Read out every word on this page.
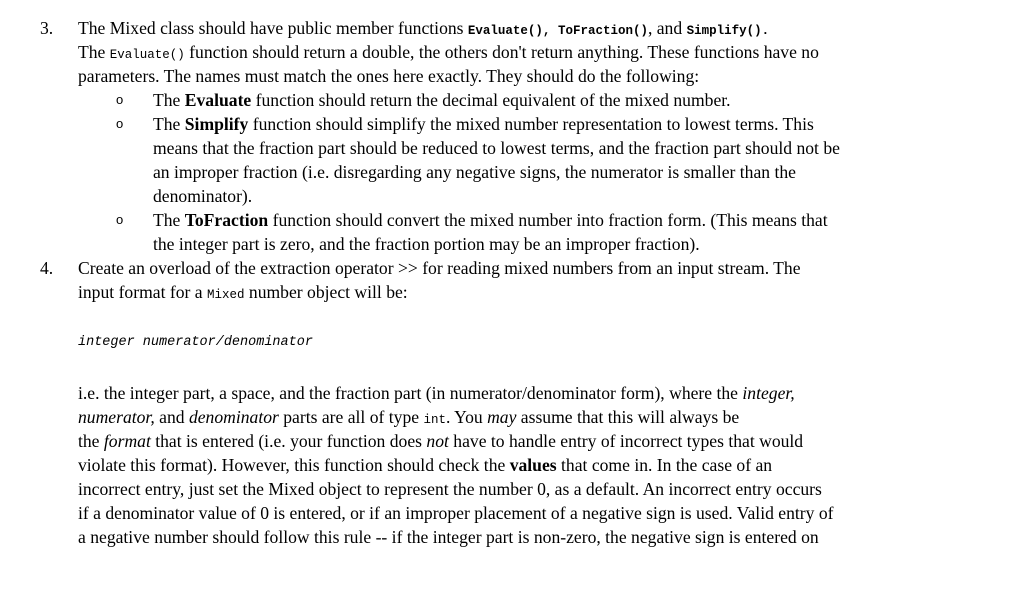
3. The Mixed class should have public member functions Evaluate(), ToFraction(), and Simplify().
The Evaluate() function should return a double, the others don't return anything. These functions have no
parameters. The names must match the ones here exactly. They should do the following:
o The Evaluate function should return the decimal equivalent of the mixed number.
o The Simplify function should simplify the mixed number representation to lowest terms. This
means that the fraction part should be reduced to lowest terms, and the fraction part should not be
an improper fraction (i.e. disregarding any negative signs, the numerator is smaller than the
denominator).
o The ToFraction function should convert the mixed number into fraction form. (This means that
the integer part is zero, and the fraction portion may be an improper fraction).
4. Create an overload of the extraction operator >> for reading mixed numbers from an input stream. The
input format for a Mixed number object will be:
integer numerator/denominator
i.e. the integer part, a space, and the fraction part (in numerator/denominator form), where the integer,
numerator, and denominator parts are all of type int. You may assume that this will always be
the format that is entered (i.e. your function does not have to handle entry of incorrect types that would
violate this format). However, this function should check the values that come in. In the case of an
incorrect entry, just set the Mixed object to represent the number 0, as a default. An incorrect entry occurs
if a denominator value of 0 is entered, or if an improper placement of a negative sign is used. Valid entry of
a negative number should follow this rule -- if the integer part is non-zero, the negative sign is entered on
